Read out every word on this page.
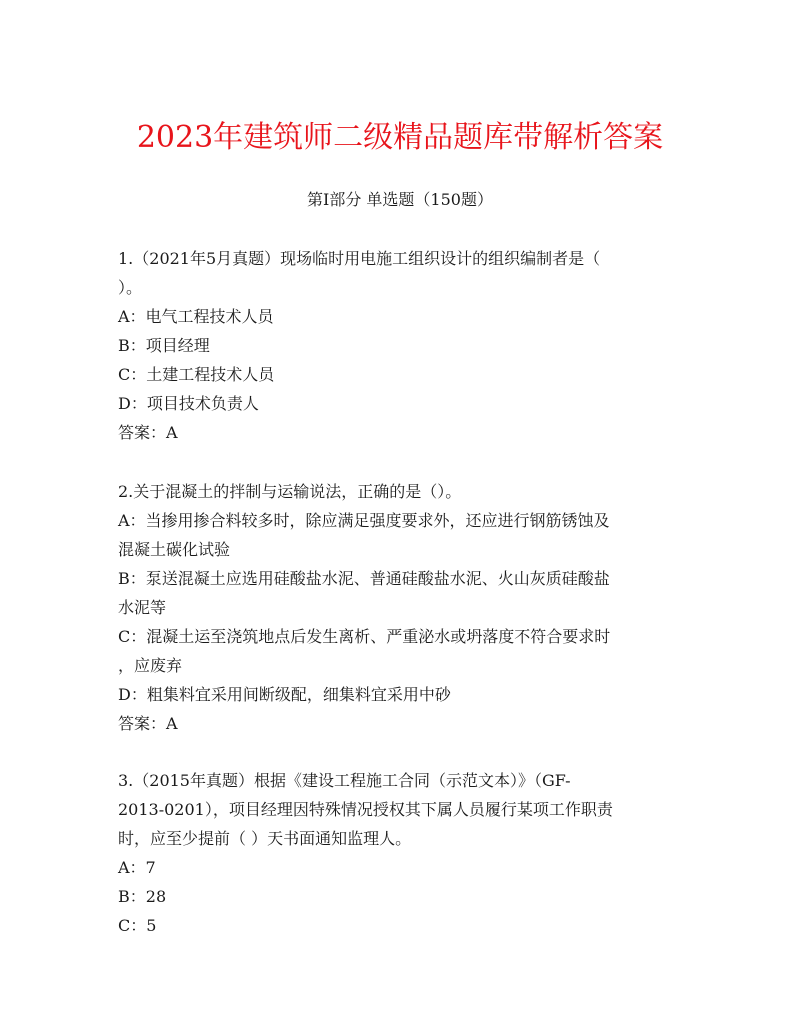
2023年建筑师二级精品题库带解析答案
第I部分 单选题（150题）
1.（2021年5月真题）现场临时用电施工组织设计的组织编制者是（
）。
A：电气工程技术人员
B：项目经理
C：土建工程技术人员
D：项目技术负责人
答案：A
2.关于混凝土的拌制与运输说法，正确的是（）。
A：当掺用掺合料较多时，除应满足强度要求外，还应进行钢筋锈蚀及
混凝土碳化试验
B：泵送混凝土应选用硅酸盐水泥、普通硅酸盐水泥、火山灰质硅酸盐
水泥等
C：混凝土运至浇筑地点后发生离析、严重泌水或坍落度不符合要求时
，应废弃
D：粗集料宜采用间断级配，细集料宜采用中砂
答案：A
3.（2015年真题）根据《建设工程施工合同（示范文本）》（GF-
2013-0201），项目经理因特殊情况授权其下属人员履行某项工作职责
时，应至少提前（ ）天书面通知监理人。
A：7
B：28
C：5
